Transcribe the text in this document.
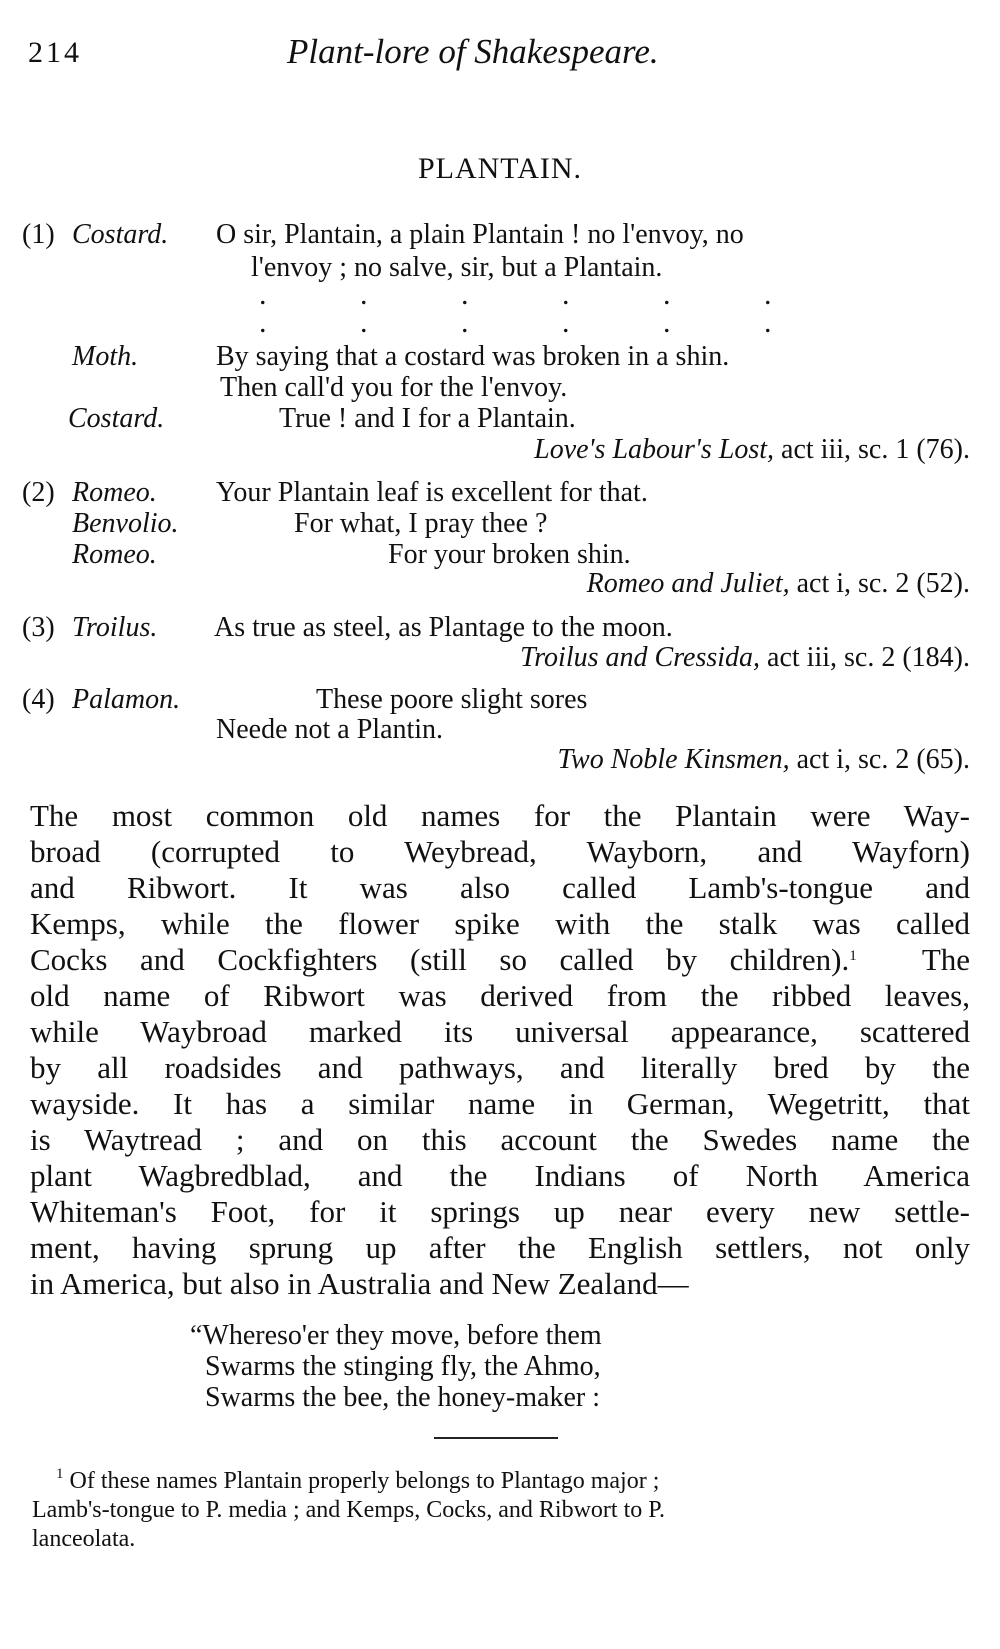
214	Plant-lore of Shakespeare.
PLANTAIN.
(1) Costard. O sir, Plantain, a plain Plantain ! no l'envoy, no
l'envoy ; no salve, sir, but a Plantain.
.	.	.	.	.	.
.	.	.	.	.	.
Moth.	By saying that a costard was broken in a shin.
Then call'd you for the l'envoy.
Costard.	True ! and I for a Plantain.
Love's Labour's Lost, act iii, sc. 1 (76).
(2) Romeo. Your Plantain leaf is excellent for that.
Benvolio.	For what, I pray thee ?
Romeo.	For your broken shin.
Romeo and Juliet, act i, sc. 2 (52).
(3) Troilus. As true as steel, as Plantage to the moon.
Troilus and Cressida, act iii, sc. 2 (184).
(4) Palamon.	These poore slight sores
Neede not a Plantin.
Two Noble Kinsmen, act i, sc. 2 (65).
The most common old names for the Plantain were Way-
broad (corrupted to Weybread, Wayborn, and Wayforn)
and Ribwort. It was also called Lamb's-tongue and
Kemps, while the flower spike with the stalk was called
Cocks and Cockfighters (still so called by children).$^1$ The
old name of Ribwort was derived from the ribbed leaves,
while Waybroad marked its universal appearance, scattered
by all roadsides and pathways, and literally bred by the
wayside. It has a similar name in German, Wegetritt, that
is Waytread ; and on this account the Swedes name the
plant Wagbredblad, and the Indians of North America
Whiteman's Foot, for it springs up near every new settle-
ment, having sprung up after the English settlers, not only
in America, but also in Australia and New Zealand—
“Whereso'er they move, before them
Swarms the stinging fly, the Ahmo,
Swarms the bee, the honey-maker :
$^1$ Of these names Plantain properly belongs to Plantago major ;
Lamb's-tongue to P. media ; and Kemps, Cocks, and Ribwort to P.
lanceolata.
